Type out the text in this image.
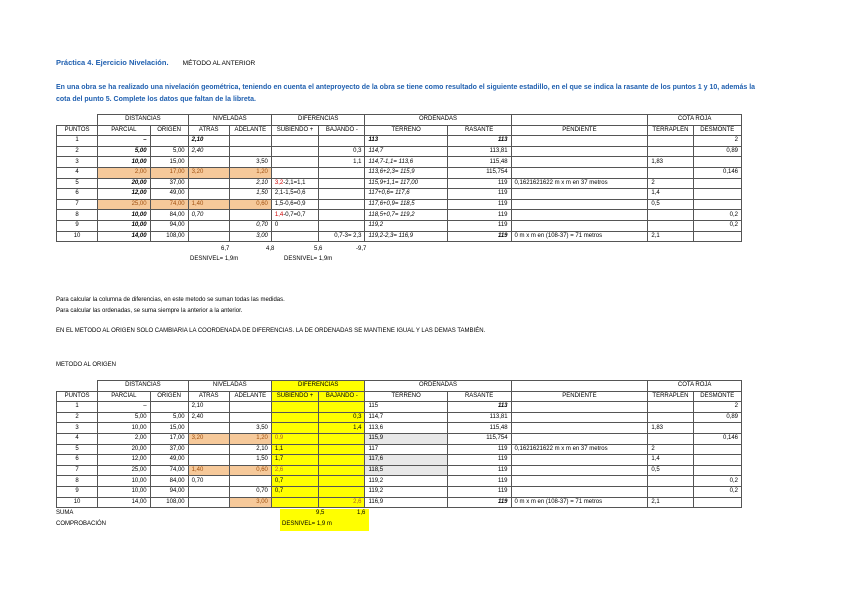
Práctica 4. Ejercicio Nivelación. MÉTODO AL ANTERIOR
En una obra se ha realizado una nivelación geométrica, teniendo en cuenta el anteproyecto de la obra se tiene como resultado el siguiente estadillo, en el que se indica la rasante de los puntos 1 y 10, además la cota del punto 5. Complete los datos que faltan de la libreta.
	DISTANCIAS		NIVELADAS		DIFERENCIAS		ORDENADAS			COTA ROJA	
PUNTOS	PARCIAL	ORIGEN	ATRÁS	ADELANTE	SUBIENDO +	BAJANDO -	TERRENO	RASANTE	PENDIENTE	TERRAPLÉN	DESMONTE
1	–		2,10				113	113			2
2	5,00	5,00	2,40			0,3	114,7	113,81			0,89
3	10,00	15,00		3,50		1,1	114,7-1,1= 113,6	115,48		1,83	
4	2,00	17,00	3,20	1,20			113,6+2,3= 115,9	115,754			0,146
5	20,00	37,00		2,10	3,2-2,1=1,1		115,9+1,1= 117,00	119	0,1621621622 m x m en 37 metros	2	
6	12,00	49,00		1,50	2,1-1,5=0,6		117+0,6= 117,6	119		1,4	
7	25,00	74,00	1,40	0,60	1,5-0,6=0,9		117,6+0,9= 118,5	119		0,5	
8	10,00	84,00	0,70		1,4-0,7=0,7		118,5+0,7= 119,2	119			0,2
9	10,00	94,00		0,70	0		119,2	119			0,2
10	14,00	108,00		3,00		0,7-3= 2,3	119,2-2,3= 116,9	119	0 m x m en (108-37) = 71 metros	2,1	
6,7	4,8	5,6	-9,7
DESNIVEL= 1,9m	DESNIVEL= 1,9m
Para calcular la columna de diferencias, en este metodo se suman todas las medidas.
Para calcular las ordenadas, se suma siempre la anterior a la anterior.
EN EL METODO AL ORIGEN SOLO CAMBIARIA LA COORDENADA DE DIFERENCIAS. LA DE ORDENADAS SE MANTIENE IGUAL Y LAS DEMAS TAMBIÉN.
METODO AL ORIGEN
	DISTANCIAS		NIVELADAS		DIFERENCIAS		ORDENADAS			COTA ROJA	
PUNTOS	PARCIAL	ORIGEN	ATRÁS	ADELANTE	SUBIENDO +	BAJANDO -	TERRENO	RASANTE	PENDIENTE	TERRAPLÉN	DESMONTE
1	–		2,10				115	113			2
2	5,00	5,00	2,40			0,3	114,7	113,81			0,89
3	10,00	15,00		3,50		1,4	113,6	115,48		1,83	
4	2,00	17,00	3,20	1,20	0,9		115,9	115,754			0,146
5	20,00	37,00		2,10	1,1		117	119	0,1621621622 m x m en 37 metros	2	
6	12,00	49,00		1,50	1,7		117,6	119		1,4	
7	25,00	74,00	1,40	0,60	2,6		118,5	119		0,5	
8	10,00	84,00	0,70		0,7		119,2	119			0,2
9	10,00	94,00		0,70	0,7		119,2	119			0,2
10	14,00	108,00		3,00		2,6	116,9	119	0 m x m en (108-37) = 71 metros	2,1	
SUMA
COMPROBACIÓN
9,5	1,6
DESNIVEL= 1,9 m
